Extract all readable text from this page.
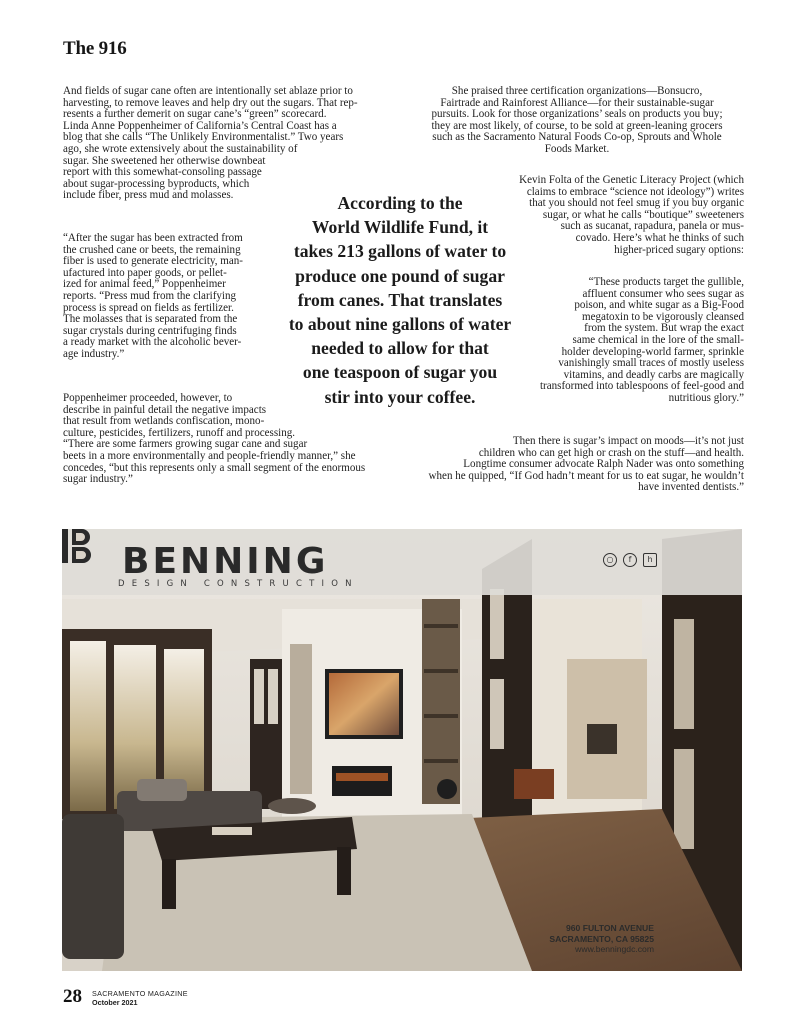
The 916
And fields of sugar cane often are intentionally set ablaze prior to
harvesting, to remove leaves and help dry out the sugars. That rep-
resents a further demerit on sugar cane’s “green” scorecard.
Linda Anne Poppenheimer of California’s Central Coast has a
blog that she calls “The Unlikely Environmentalist.” Two years
ago, she wrote extensively about the sustainability of
sugar. She sweetened her otherwise downbeat
report with this somewhat-consoling passage
about sugar-processing byproducts, which
include fiber, press mud and molasses.
“After the sugar has been extracted from
the crushed cane or beets, the remaining
fiber is used to generate electricity, man-
ufactured into paper goods, or pellet-
ized for animal feed,” Poppenheimer
reports. “Press mud from the clarifying
process is spread on fields as fertilizer.
The molasses that is separated from the
sugar crystals during centrifuging finds
a ready market with the alcoholic bever-
age industry.”
Poppenheimer proceeded, however, to
describe in painful detail the negative impacts
that result from wetlands confiscation, mono-
culture, pesticides, fertilizers, runoff and processing.
“There are some farmers growing sugar cane and sugar
beets in a more environmentally and people-friendly manner,” she
concedes, “but this represents only a small segment of the enormous
sugar industry.”
She praised three certification organizations—Bonsucro,
Fairtrade and Rainforest Alliance—for their sustainable-sugar
pursuits. Look for those organizations’ seals on products you buy;
they are most likely, of course, to be sold at green-leaning grocers
such as the Sacramento Natural Foods Co-op, Sprouts and Whole
Foods Market.
Kevin Folta of the Genetic Literacy Project (which
claims to embrace “science not ideology”) writes
that you should not feel smug if you buy organic
sugar, or what he calls “boutique” sweeteners
such as sucanat, rapadura, panela or mus-
covado. Here’s what he thinks of such
higher-priced sugary options:
“These products target the gullible,
affluent consumer who sees sugar as
poison, and white sugar as a Big-Food
megatoxin to be vigorously cleansed
from the system. But wrap the exact
same chemical in the lore of the small-
holder developing-world farmer, sprinkle
vanishingly small traces of mostly useless
vitamins, and deadly carbs are magically
transformed into tablespoons of feel-good and
nutritious glory.”
Then there is sugar’s impact on moods—it’s not just
children who can get high or crash on the stuff—and health.
Longtime consumer advocate Ralph Nader was onto something
when he quipped, “If God hadn’t meant for us to eat sugar, he wouldn’t
have invented dentists.”
According to the
World Wildlife Fund, it
takes 213 gallons of water to
produce one pound of sugar
from canes. That translates
to about nine gallons of water
needed to allow for that
one teaspoon of sugar you
stir into your coffee.
BENNING
DESIGN CONSTRUCTION
○	f	h
960 FULTON AVENUE
SACRAMENTO, CA 95825
www.benningdc.com
28 SACRAMENTO MAGAZINE
October 2021
